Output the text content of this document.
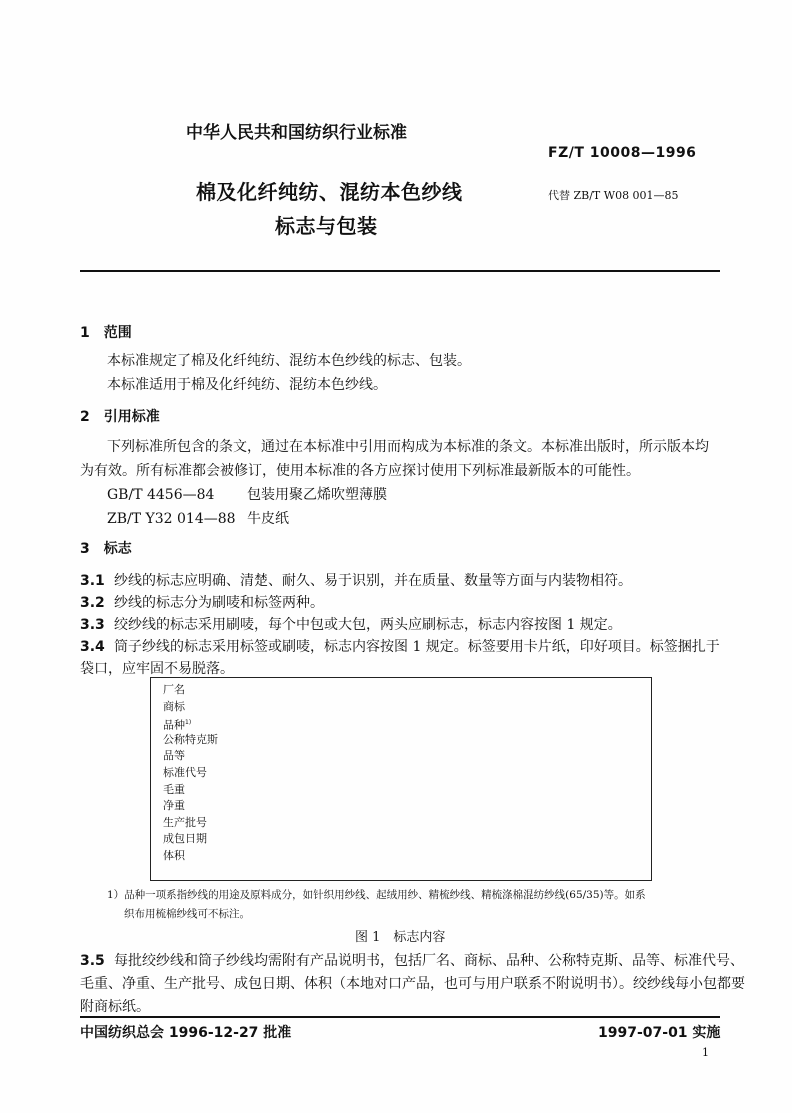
中华人民共和国纺织行业标准
FZ/T 10008—1996
棉及化纤纯纺、混纺本色纱线
标志与包装
代替 ZB/T W08 001—85
1　范围
本标准规定了棉及化纤纯纺、混纺本色纱线的标志、包装。
本标准适用于棉及化纤纯纺、混纺本色纱线。
2　引用标准
下列标准所包含的条文，通过在本标准中引用而构成为本标准的条文。本标准出版时，所示版本均
为有效。所有标准都会被修订，使用本标准的各方应探讨使用下列标准最新版本的可能性。
GB/T 4456—84 包装用聚乙烯吹塑薄膜
ZB/T Y32 014—88 牛皮纸
3　标志
3.1 纱线的标志应明确、清楚、耐久、易于识别，并在质量、数量等方面与内装物相符。
3.2 纱线的标志分为刷唛和标签两种。
3.3 绞纱线的标志采用刷唛，每个中包或大包，两头应刷标志，标志内容按图 1 规定。
3.4 筒子纱线的标志采用标签或刷唛，标志内容按图 1 规定。标签要用卡片纸，印好项目。标签捆扎于
袋口，应牢固不易脱落。
厂名
商标
品种$^{1)}$
公称特克斯
品等
标准代号
毛重
净重
生产批号
成包日期
体积
1）品种一项系指纱线的用途及原料成分，如针织用纱线、起绒用纱、精梳纱线、精梳涤棉混纺纱线(65/35)等。如系
织布用梳棉纱线可不标注。
图 1　标志内容
3.5 每批绞纱线和筒子纱线均需附有产品说明书，包括厂名、商标、品种、公称特克斯、品等、标准代号、
毛重、净重、生产批号、成包日期、体积（本地对口产品，也可与用户联系不附说明书）。绞纱线每小包都要
附商标纸。
中国纺织总会 1996-12-27 批准	1997-07-01 实施
1
